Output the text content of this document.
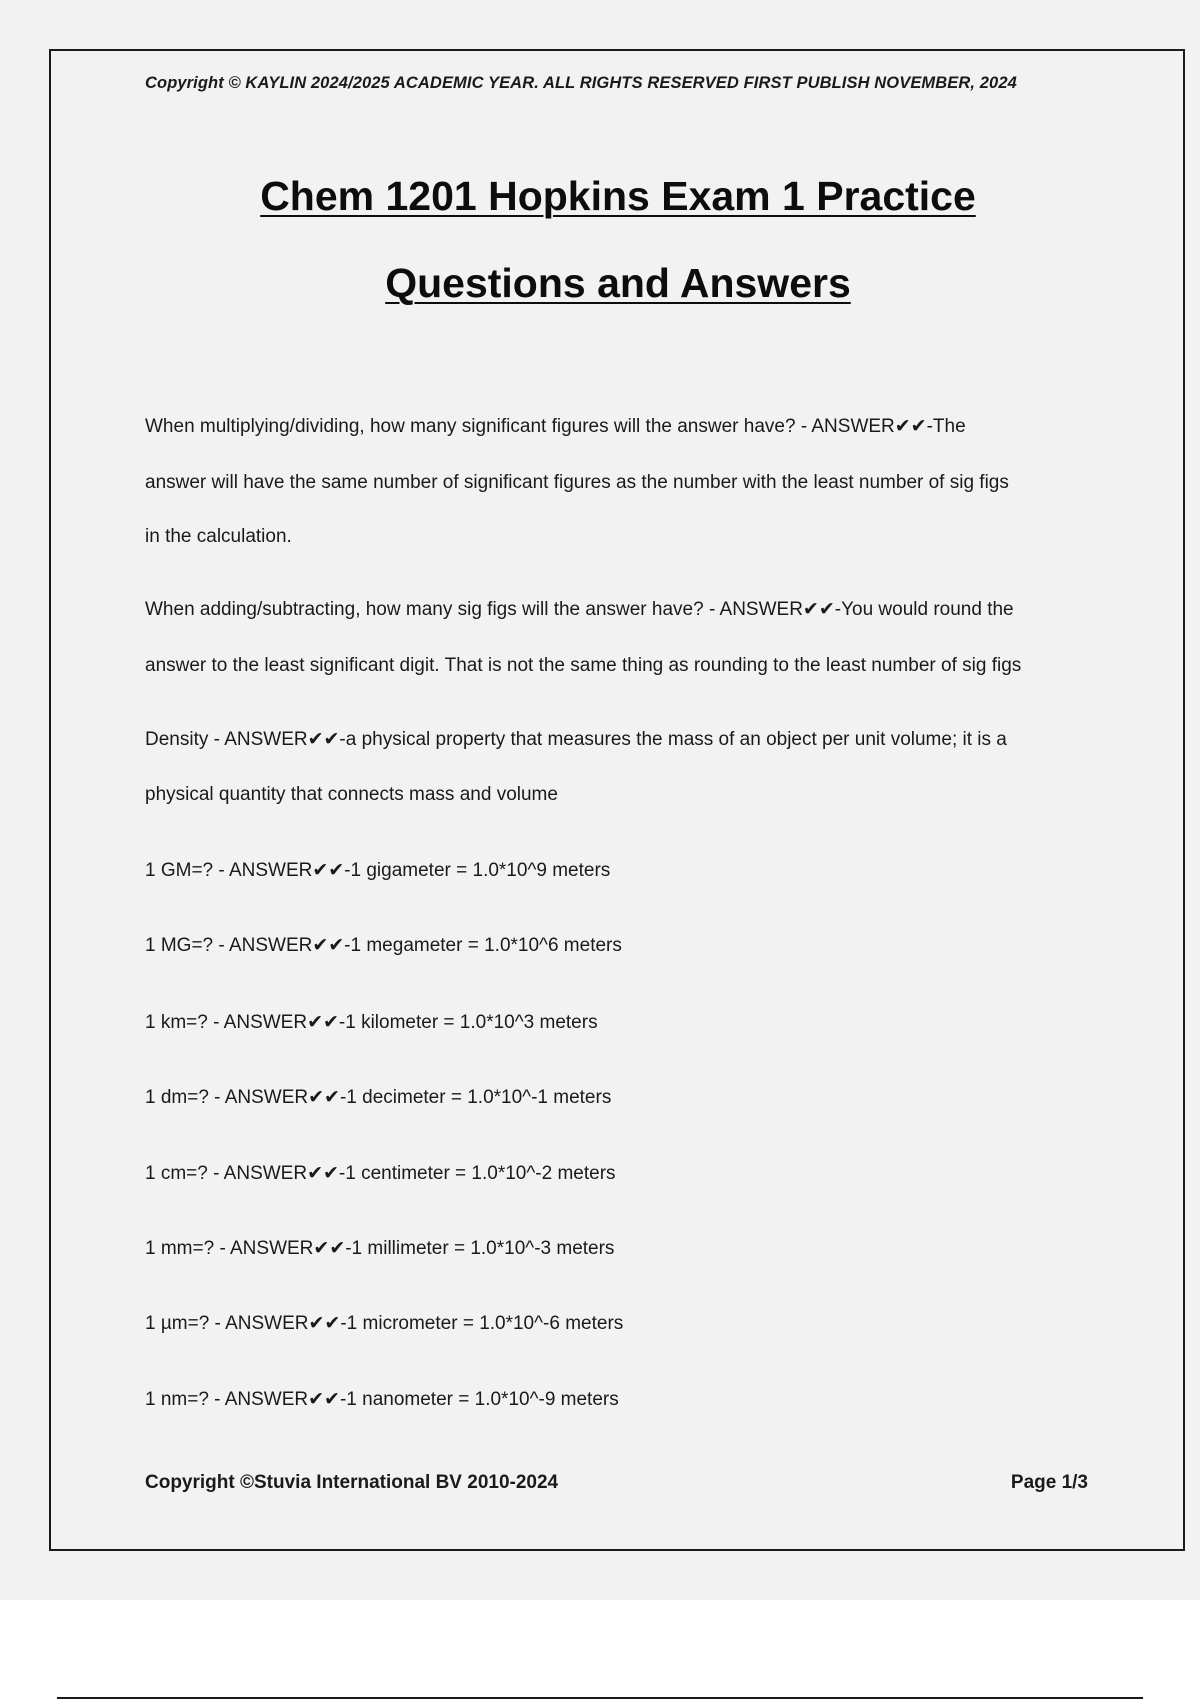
Copyright © KAYLIN 2024/2025 ACADEMIC YEAR. ALL RIGHTS RESERVED FIRST PUBLISH NOVEMBER, 2024
Chem 1201 Hopkins Exam 1 Practice
Questions and Answers
When multiplying/dividing, how many significant figures will the answer have? - ANSWER✔✔-The
answer will have the same number of significant figures as the number with the least number of sig figs
in the calculation.
When adding/subtracting, how many sig figs will the answer have? - ANSWER✔✔-You would round the
answer to the least significant digit. That is not the same thing as rounding to the least number of sig figs
Density - ANSWER✔✔-a physical property that measures the mass of an object per unit volume; it is a
physical quantity that connects mass and volume
1 GM=? - ANSWER✔✔-1 gigameter = 1.0*10^9 meters
1 MG=? - ANSWER✔✔-1 megameter = 1.0*10^6 meters
1 km=? - ANSWER✔✔-1 kilometer = 1.0*10^3 meters
1 dm=? - ANSWER✔✔-1 decimeter = 1.0*10^-1 meters
1 cm=? - ANSWER✔✔-1 centimeter = 1.0*10^-2 meters
1 mm=? - ANSWER✔✔-1 millimeter = 1.0*10^-3 meters
1 µm=? - ANSWER✔✔-1 micrometer = 1.0*10^-6 meters
1 nm=? - ANSWER✔✔-1 nanometer = 1.0*10^-9 meters
Copyright ©Stuvia International BV 2010-2024	Page 1/3
